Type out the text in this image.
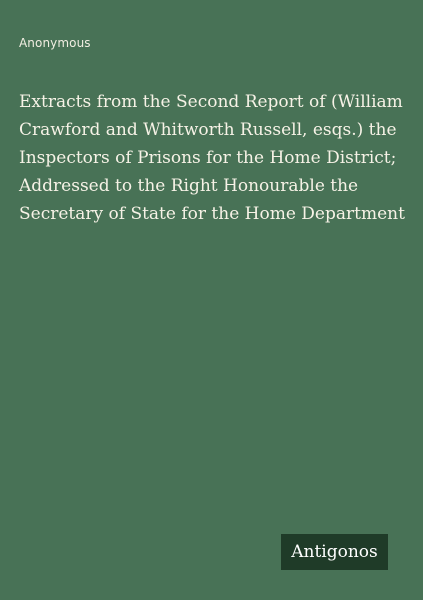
Anonymous
Extracts from the Second Report of (William Crawford and Whitworth Russell, esqs.) the Inspectors of Prisons for the Home District; Addressed to the Right Honourable the Secretary of State for the Home Department
Antigonos
